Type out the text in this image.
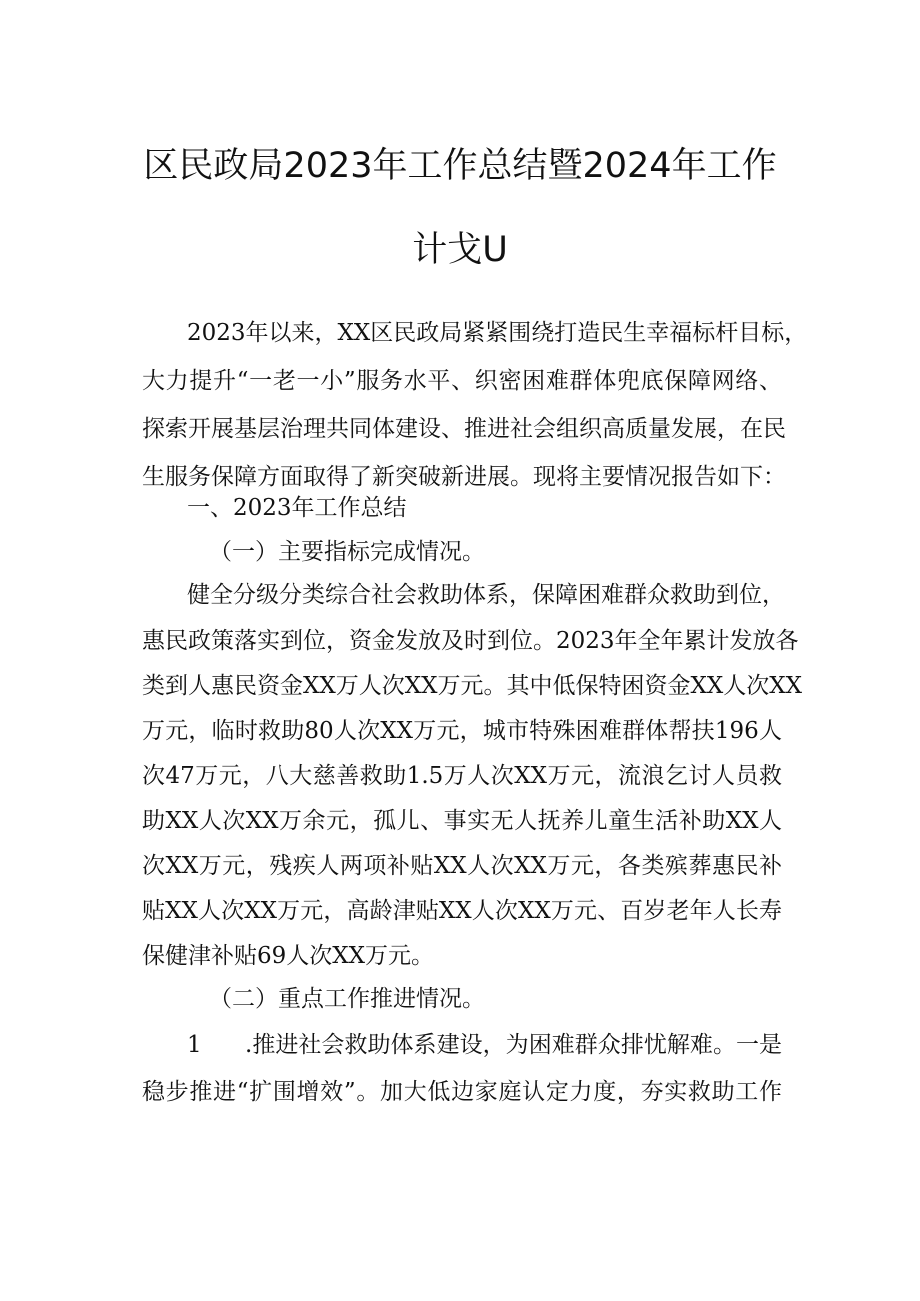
区民政局2023年工作总结暨2024年工作
计戈U
2023年以来，XX区民政局紧紧围绕打造民生幸福标杆目标，
大力提升“一老一小”服务水平、织密困难群体兜底保障网络、
探索开展基层治理共同体建设、推进社会组织高质量发展，在民
生服务保障方面取得了新突破新进展。现将主要情况报告如下：
一、2023年工作总结
（一）主要指标完成情况。
健全分级分类综合社会救助体系，保障困难群众救助到位，
惠民政策落实到位，资金发放及时到位。2023年全年累计发放各
类到人惠民资金XX万人次XX万元。其中低保特困资金XX人次XX
万元，临时救助80人次XX万元，城市特殊困难群体帮扶196人
次47万元，八大慈善救助1.5万人次XX万元，流浪乞讨人员救
助XX人次XX万余元，孤儿、事实无人抚养儿童生活补助XX人
次XX万元，残疾人两项补贴XX人次XX万元，各类殡葬惠民补
贴XX人次XX万元，高龄津贴XX人次XX万元、百岁老年人长寿
保健津补贴69人次XX万元。
（二）重点工作推进情况。
1 .推进社会救助体系建设，为困难群众排忧解难。一是
稳步推进“扩围增效”。加大低边家庭认定力度，夯实救助工作
